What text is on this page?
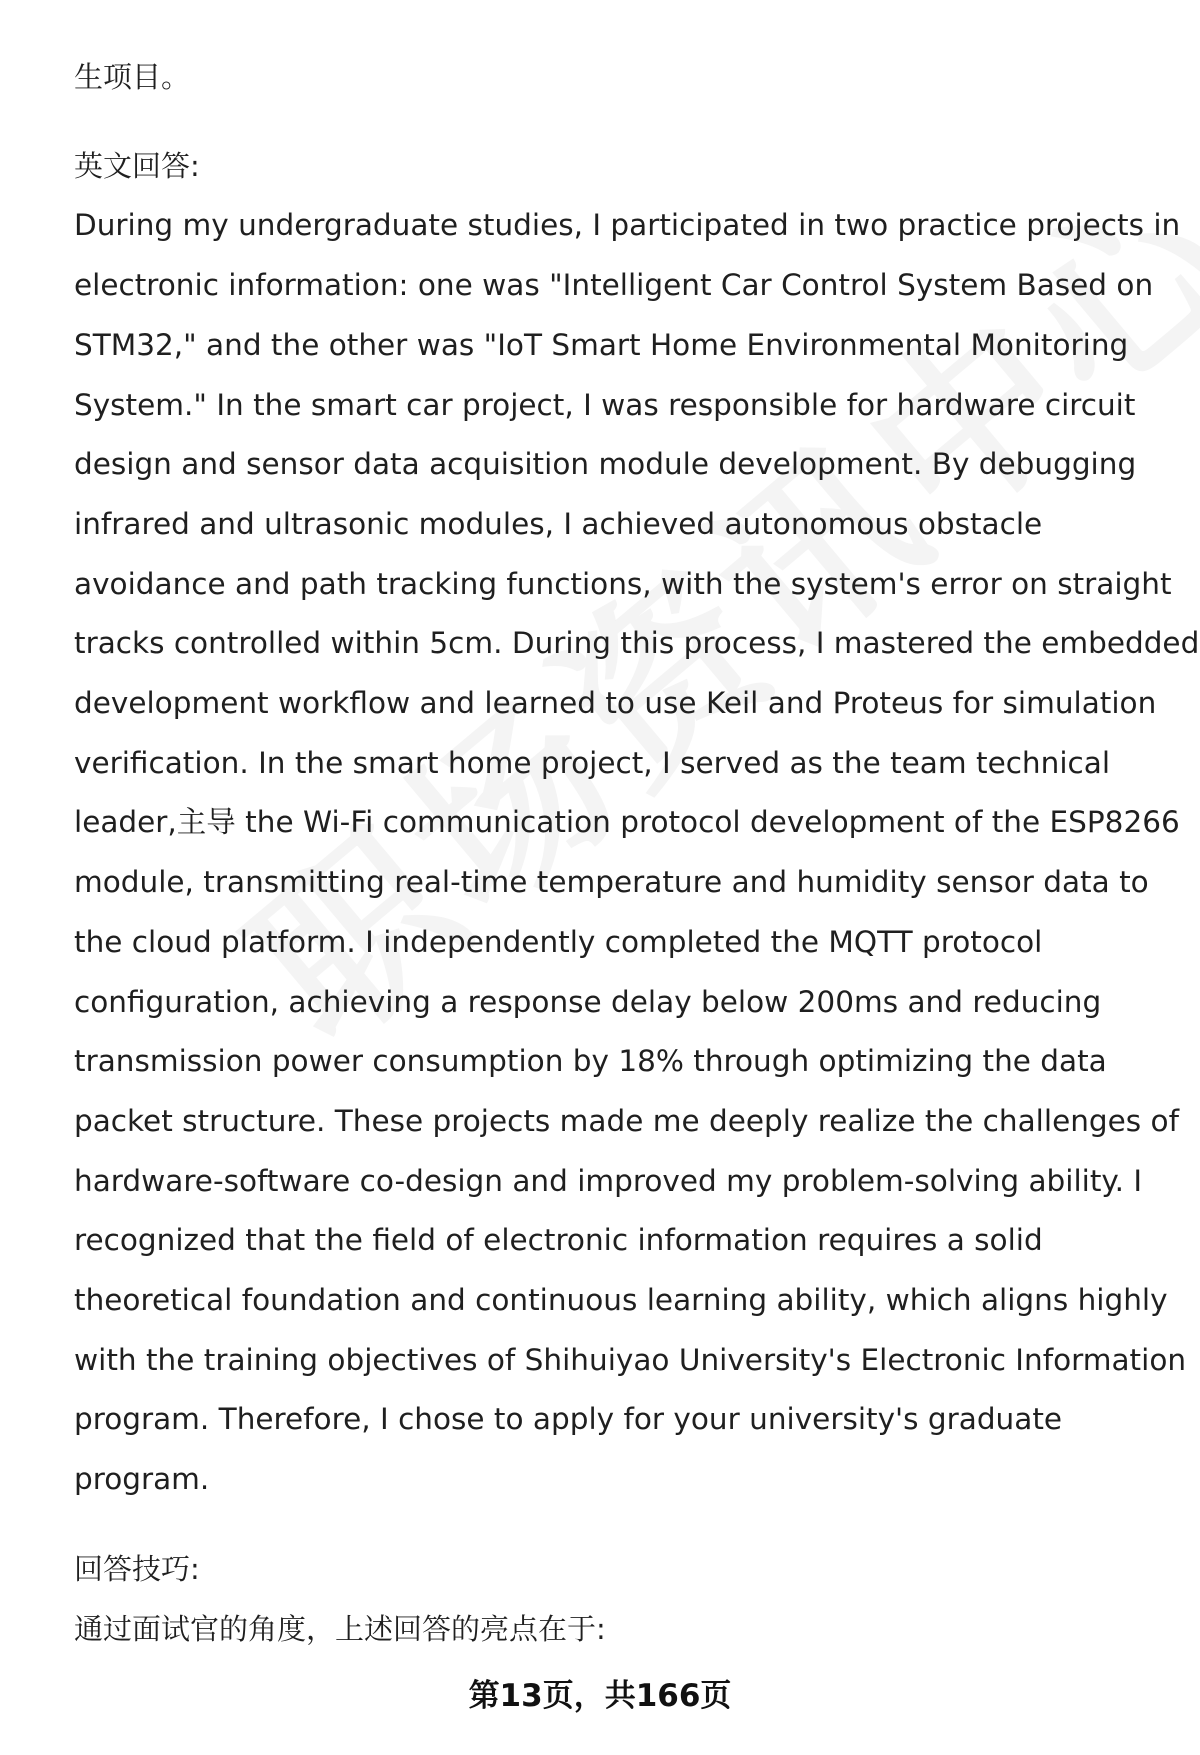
生项目。

英文回答:

During my undergraduate studies, I participated in two practice projects in

electronic information: one was "Intelligent Car Control System Based on

STM32," and the other was "IoT Smart Home Environmental Monitoring

System." In the smart car project, I was responsible for hardware circuit

design and sensor data acquisition module development. By debugging

infrared and ultrasonic modules, I achieved autonomous obstacle

avoidance and path tracking functions, with the system's error on straight

tracks controlled within 5cm. During this process, I mastered the embedded

development workflow and learned to use Keil and Proteus for simulation

verification. In the smart home project, I served as the team technical

leader,主导 the Wi-Fi communication protocol development of the ESP8266

module, transmitting real-time temperature and humidity sensor data to

the cloud platform. I independently completed the MQTT protocol

configuration, achieving a response delay below 200ms and reducing

transmission power consumption by 18% through optimizing the data

packet structure. These projects made me deeply realize the challenges of

hardware-software co-design and improved my problem-solving ability. I

recognized that the field of electronic information requires a solid

theoretical foundation and continuous learning ability, which aligns highly

with the training objectives of Shihuiyao University's Electronic Information

program. Therefore, I chose to apply for your university's graduate

program.

回答技巧:

通过面试官的角度，上述回答的亮点在于:

第13页，共166页
